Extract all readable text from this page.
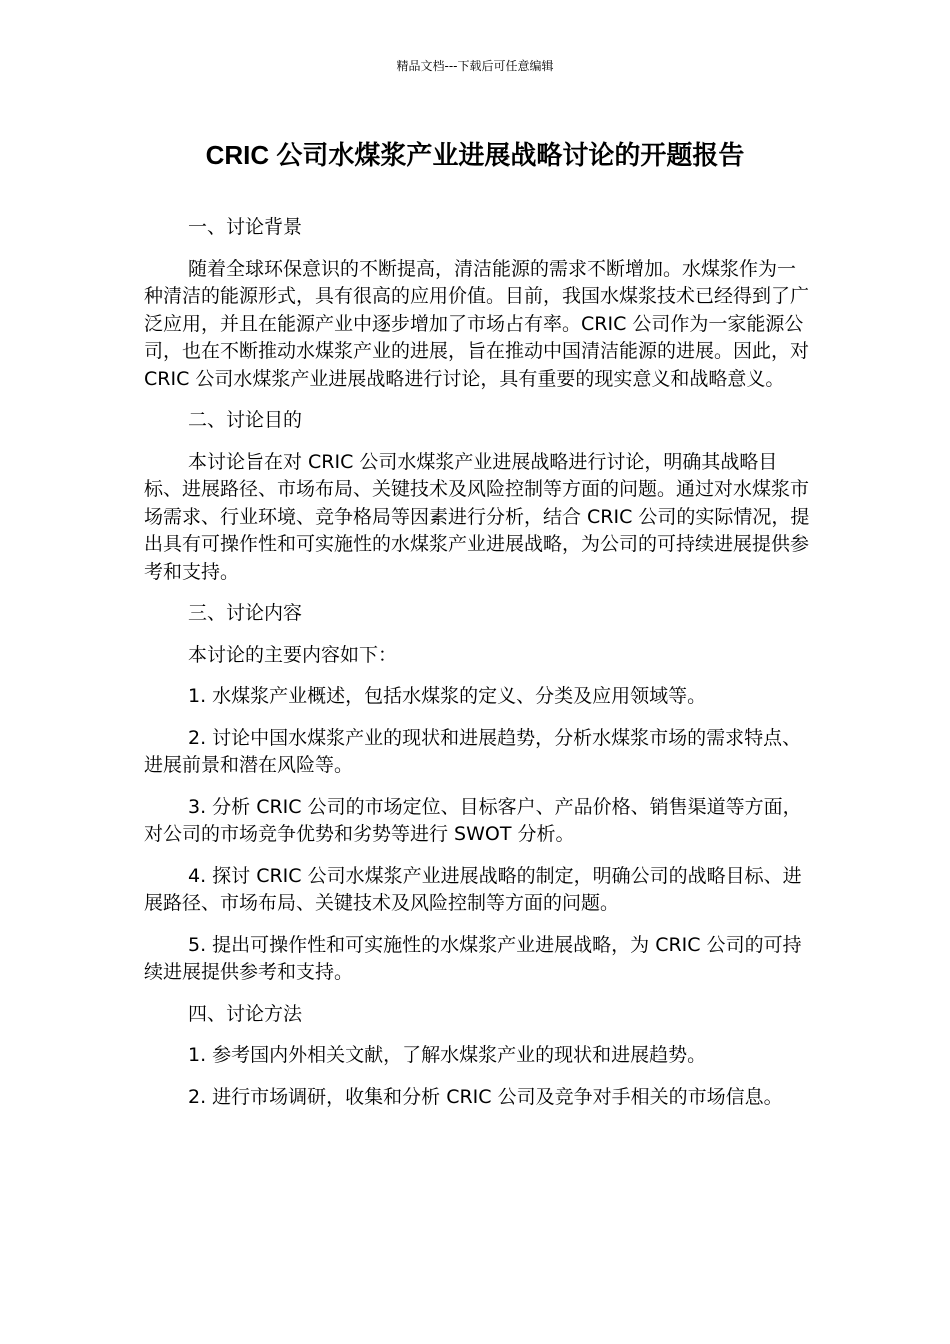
精品文档---下载后可任意编辑
CRIC 公司水煤浆产业进展战略讨论的开题报告

一、讨论背景

随着全球环保意识的不断提高，清洁能源的需求不断增加。水煤浆作为一种清洁的能源形式，具有很高的应用价值。目前，我国水煤浆技术已经得到了广泛应用，并且在能源产业中逐步增加了市场占有率。CRIC 公司作为一家能源公司，也在不断推动水煤浆产业的进展，旨在推动中国清洁能源的进展。因此，对 CRIC 公司水煤浆产业进展战略进行讨论，具有重要的现实意义和战略意义。

二、讨论目的

本讨论旨在对 CRIC 公司水煤浆产业进展战略进行讨论，明确其战略目标、进展路径、市场布局、关键技术及风险控制等方面的问题。通过对水煤浆市场需求、行业环境、竞争格局等因素进行分析，结合 CRIC 公司的实际情况，提出具有可操作性和可实施性的水煤浆产业进展战略，为公司的可持续进展提供参考和支持。

三、讨论内容

本讨论的主要内容如下：

1. 水煤浆产业概述，包括水煤浆的定义、分类及应用领域等。

2. 讨论中国水煤浆产业的现状和进展趋势，分析水煤浆市场的需求特点、进展前景和潜在风险等。

3. 分析 CRIC 公司的市场定位、目标客户、产品价格、销售渠道等方面，对公司的市场竞争优势和劣势等进行 SWOT 分析。

4. 探讨 CRIC 公司水煤浆产业进展战略的制定，明确公司的战略目标、进展路径、市场布局、关键技术及风险控制等方面的问题。

5. 提出可操作性和可实施性的水煤浆产业进展战略，为 CRIC 公司的可持续进展提供参考和支持。

四、讨论方法

1. 参考国内外相关文献，了解水煤浆产业的现状和进展趋势。

2. 进行市场调研，收集和分析 CRIC 公司及竞争对手相关的市场信息。
